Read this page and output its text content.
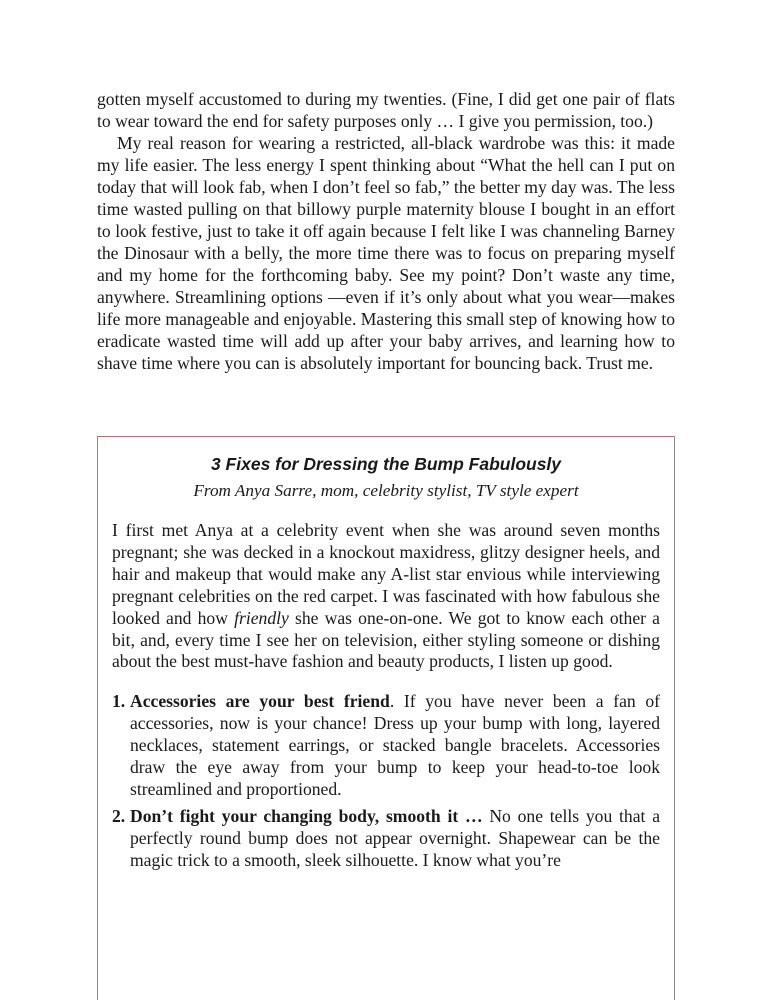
gotten myself accustomed to during my twenties. (Fine, I did get one pair of flats to wear toward the end for safety purposes only … I give you permission, too.)

My real reason for wearing a restricted, all-black wardrobe was this: it made my life easier. The less energy I spent thinking about “What the hell can I put on today that will look fab, when I don’t feel so fab,” the better my day was. The less time wasted pulling on that billowy purple maternity blouse I bought in an effort to look festive, just to take it off again because I felt like I was channeling Barney the Dinosaur with a belly, the more time there was to focus on preparing myself and my home for the forthcoming baby. See my point? Don’t waste any time, anywhere. Streamlining options —even if it’s only about what you wear—makes life more manageable and enjoyable. Mastering this small step of knowing how to eradicate wasted time will add up after your baby arrives, and learning how to shave time where you can is absolutely important for bouncing back. Trust me.

3 Fixes for Dressing the Bump Fabulously

From Anya Sarre, mom, celebrity stylist, TV style expert

I first met Anya at a celebrity event when she was around seven months pregnant; she was decked in a knockout maxidress, glitzy designer heels, and hair and makeup that would make any A-list star envious while interviewing pregnant celebrities on the red carpet. I was fascinated with how fabulous she looked and how friendly she was one-on-one. We got to know each other a bit, and, every time I see her on television, either styling someone or dishing about the best must-have fashion and beauty products, I listen up good.

1. Accessories are your best friend. If you have never been a fan of accessories, now is your chance! Dress up your bump with long, layered necklaces, statement earrings, or stacked bangle bracelets. Accessories draw the eye away from your bump to keep your head-to-toe look streamlined and proportioned.
2. Don’t fight your changing body, smooth it … No one tells you that a perfectly round bump does not appear overnight. Shapewear can be the magic trick to a smooth, sleek silhouette. I know what you’re
